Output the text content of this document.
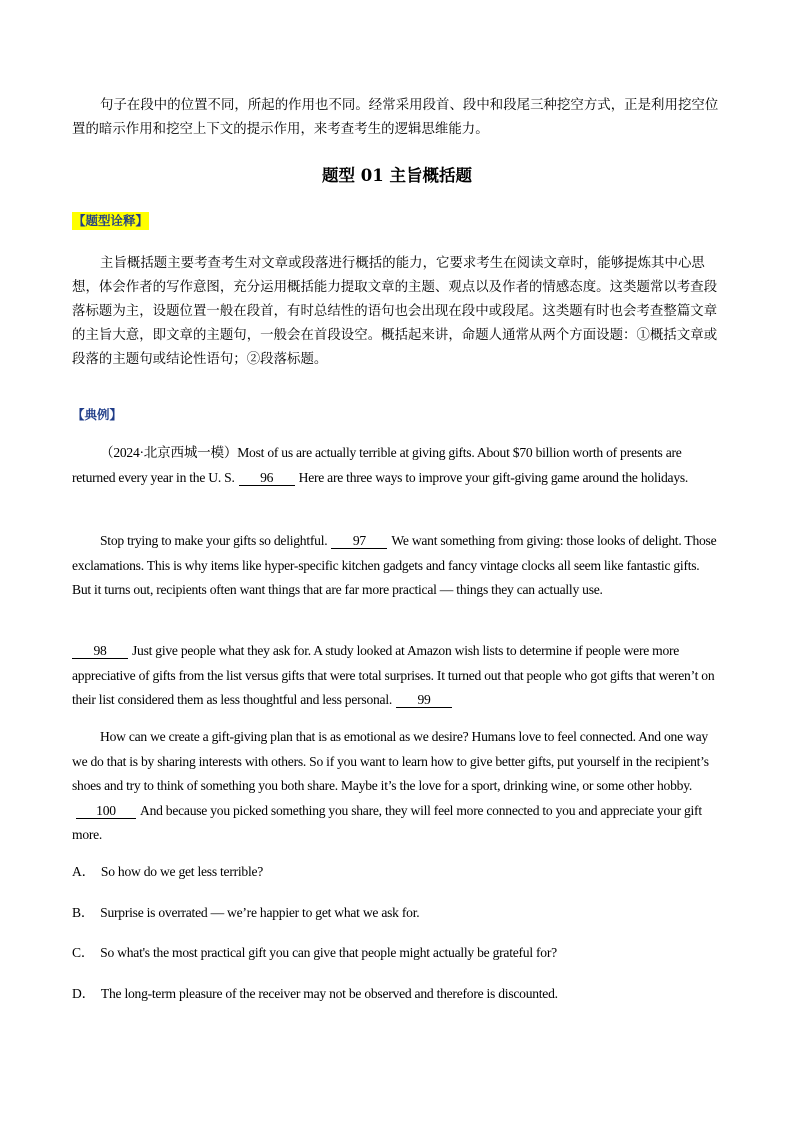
句子在段中的位置不同，所起的作用也不同。经常采用段首、段中和段尾三种挖空方式，正是利用挖空位置的暗示作用和挖空上下文的提示作用，来考查考生的逻辑思维能力。

题型 01 主旨概括题
【题型诠释】

主旨概括题主要考查考生对文章或段落进行概括的能力，它要求考生在阅读文章时，能够提炼其中心思想，体会作者的写作意图，充分运用概括能力提取文章的主题、观点以及作者的情感态度。这类题常以考查段落标题为主，设题位置一般在段首，有时总结性的语句也会出现在段中或段尾。这类题有时也会考查整篇文章的主旨大意，即文章的主题句，一般会在首段设空。概括起来讲，命题人通常从两个方面设题：①概括文章或段落的主题句或结论性语句；②段落标题。

【典例】

（2024·北京西城一模）Most of us are actually terrible at giving gifts. About $70 billion worth of presents are returned every year in the U. S. 96 Here are three ways to improve your gift-giving game around the holidays.

Stop trying to make your gifts so delightful. 97 We want something from giving: those looks of delight. Those exclamations. This is why items like hyper-specific kitchen gadgets and fancy vintage clocks all seem like fantastic gifts. But it turns out, recipients often want things that are far more practical — things they can actually use.

98 Just give people what they ask for. A study looked at Amazon wish lists to determine if people were more appreciative of gifts from the list versus gifts that were total surprises. It turned out that people who got gifts that weren’t on their list considered them as less thoughtful and less personal. 99

How can we create a gift-giving plan that is as emotional as we desire? Humans love to feel connected. And one way we do that is by sharing interests with others. So if you want to learn how to give better gifts, put yourself in the recipient’s shoes and try to think of something you both share. Maybe it’s the love for a sport, drinking wine, or some other hobby.100 And because you picked something you share, they will feel more connected to you and appreciate your gift more.

A． So how do we get less terrible?
B． Surprise is overrated — we’re happier to get what we ask for.
C． So what's the most practical gift you can give that people might actually be grateful for?
D． The long-term pleasure of the receiver may not be observed and therefore is discounted.
